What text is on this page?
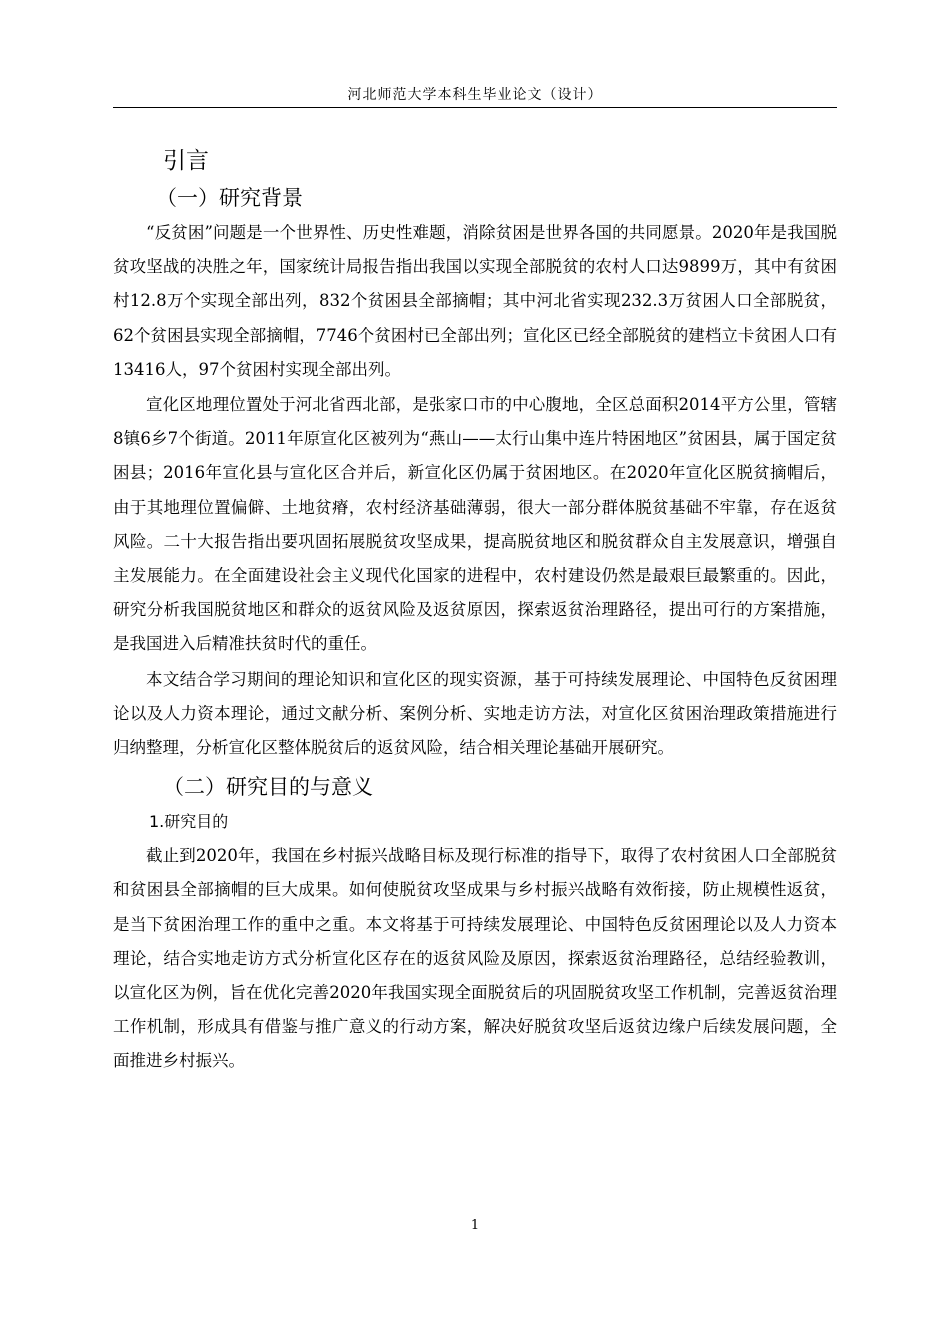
河北师范大学本科生毕业论文（设计）
引言
（一）研究背景

“反贫困”问题是一个世界性、历史性难题，消除贫困是世界各国的共同愿景。2020年是我国脱贫攻坚战的决胜之年，国家统计局报告指出我国以实现全部脱贫的农村人口达9899万，其中有贫困村12.8万个实现全部出列，832个贫困县全部摘帽；其中河北省实现232.3万贫困人口全部脱贫，62个贫困县实现全部摘帽，7746个贫困村已全部出列；宣化区已经全部脱贫的建档立卡贫困人口有13416人，97个贫困村实现全部出列。

宣化区地理位置处于河北省西北部，是张家口市的中心腹地，全区总面积2014平方公里，管辖8镇6乡7个街道。2011年原宣化区被列为“燕山——太行山集中连片特困地区”贫困县，属于国定贫困县；2016年宣化县与宣化区合并后，新宣化区仍属于贫困地区。在2020年宣化区脱贫摘帽后，由于其地理位置偏僻、土地贫瘠，农村经济基础薄弱，很大一部分群体脱贫基础不牢靠，存在返贫风险。二十大报告指出要巩固拓展脱贫攻坚成果，提高脱贫地区和脱贫群众自主发展意识，增强自主发展能力。在全面建设社会主义现代化国家的进程中，农村建设仍然是最艰巨最繁重的。因此，研究分析我国脱贫地区和群众的返贫风险及返贫原因，探索返贫治理路径，提出可行的方案措施，是我国进入后精准扶贫时代的重任。

本文结合学习期间的理论知识和宣化区的现实资源，基于可持续发展理论、中国特色反贫困理论以及人力资本理论，通过文献分析、案例分析、实地走访方法，对宣化区贫困治理政策措施进行归纳整理，分析宣化区整体脱贫后的返贫风险，结合相关理论基础开展研究。

（二）研究目的与意义
1.研究目的

截止到2020年，我国在乡村振兴战略目标及现行标准的指导下，取得了农村贫困人口全部脱贫和贫困县全部摘帽的巨大成果。如何使脱贫攻坚成果与乡村振兴战略有效衔接，防止规模性返贫，是当下贫困治理工作的重中之重。本文将基于可持续发展理论、中国特色反贫困理论以及人力资本理论，结合实地走访方式分析宣化区存在的返贫风险及原因，探索返贫治理路径，总结经验教训，以宣化区为例，旨在优化完善2020年我国实现全面脱贫后的巩固脱贫攻坚工作机制，完善返贫治理工作机制，形成具有借鉴与推广意义的行动方案，解决好脱贫攻坚后返贫边缘户后续发展问题，全面推进乡村振兴。

1
